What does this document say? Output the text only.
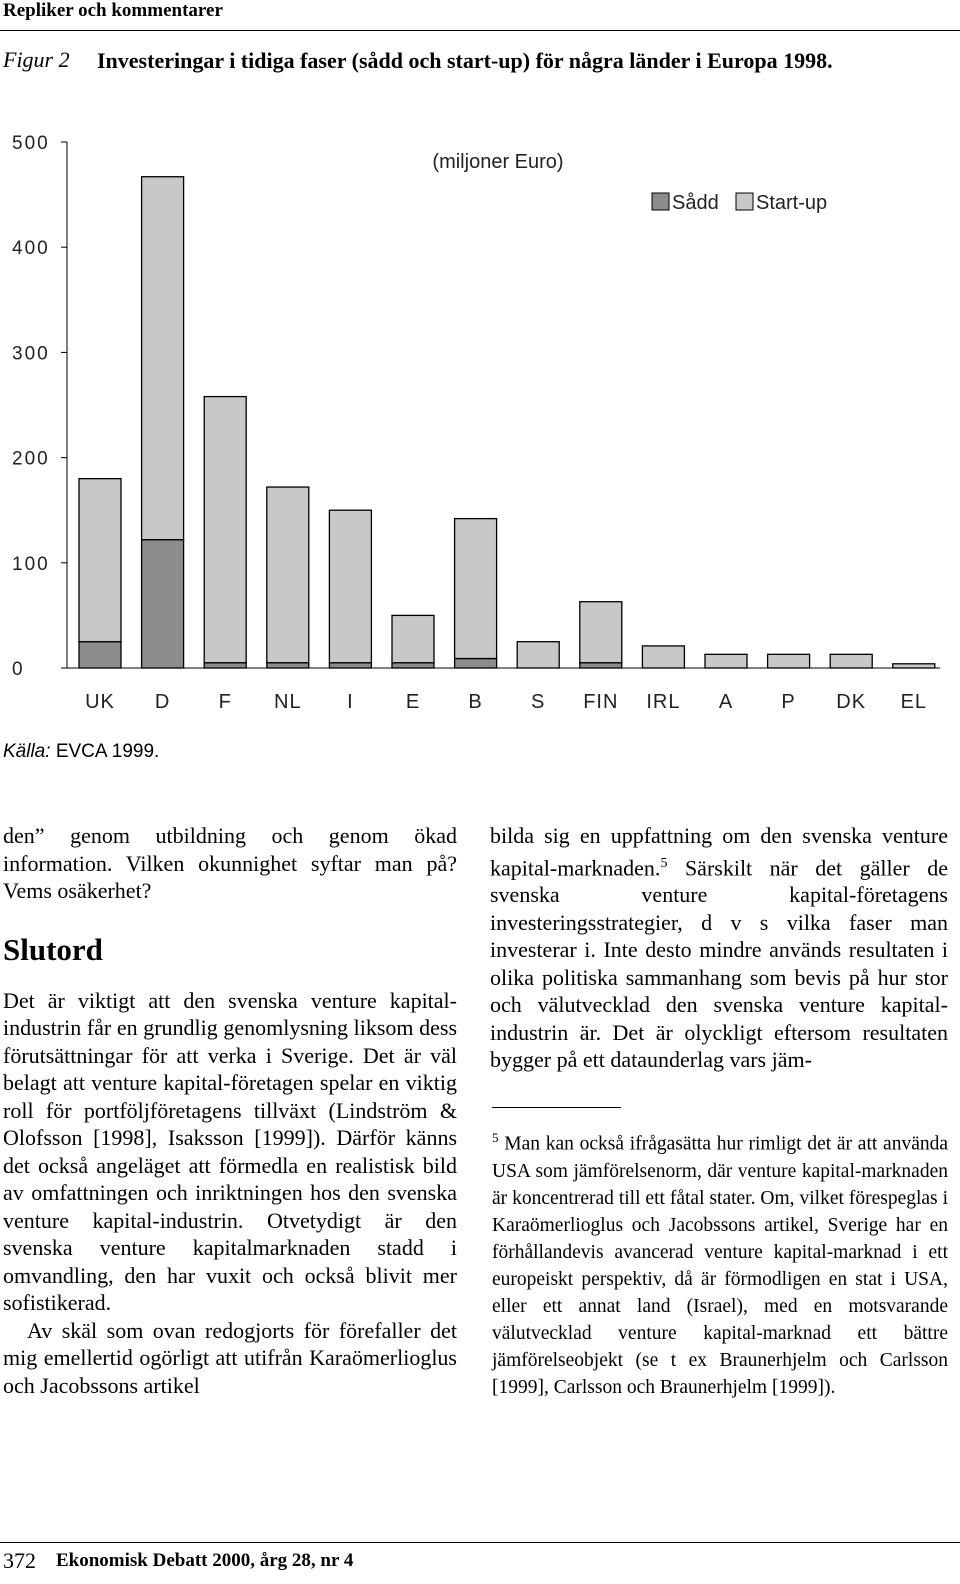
Repliker och kommentarer
Figur 2 Investeringar i tidiga faser (sådd och start-up) för några länder i Europa 1998.
0
100
200
300
400
500
UK D F NL I	E B S FIN IRL A P DK EL
(miljoner Euro)
Sådd Start-up
Källa: EVCA 1999.

den” genom utbildning och genom ökad information. Vilken okunnighet syftar man på? Vems osäkerhet?

Slutord

Det är viktigt att den svenska venture kapital-industrin får en grundlig genomlysning liksom dess förutsättningar för att verka i Sverige. Det är väl belagt att venture kapital-företagen spelar en viktig roll för portföljföretagens tillväxt (Lindström & Olofsson [1998], Isaksson [1999]). Därför känns det också angeläget att förmedla en realistisk bild av omfattningen och inriktningen hos den svenska venture kapital-industrin. Otvetydigt är den svenska venture kapitalmarknaden stadd i omvandling, den har vuxit och också blivit mer sofistikerad.

Av skäl som ovan redogjorts för förefaller det mig emellertid ogörligt att utifrån Karaömerlioglus och Jacobssons artikel

bilda sig en uppfattning om den svenska venture kapital-marknaden.$^5$ Särskilt när det gäller de svenska venture kapital-företagens investeringsstrategier, d v s vilka faser man investerar i. Inte desto mindre används resultaten i olika politiska sammanhang som bevis på hur stor och välutvecklad den svenska venture kapital-industrin är. Det är olyckligt eftersom resultaten bygger på ett dataunderlag vars jäm-

$^5$ Man kan också ifrågasätta hur rimligt det är att använda USA som jämförelsenorm, där venture kapital-marknaden är koncentrerad till ett fåtal stater. Om, vilket förespeglas i Karaömerlioglus och Jacobssons artikel, Sverige har en förhållandevis avancerad venture kapital-marknad i ett europeiskt perspektiv, då är förmodligen en stat i USA, eller ett annat land (Israel), med en motsvarande välutvecklad venture kapital-marknad ett bättre jämförelseobjekt (se t ex Braunerhjelm och Carlsson [1999], Carlsson och Braunerhjelm [1999]).
372 Ekonomisk Debatt 2000, årg 28, nr 4
